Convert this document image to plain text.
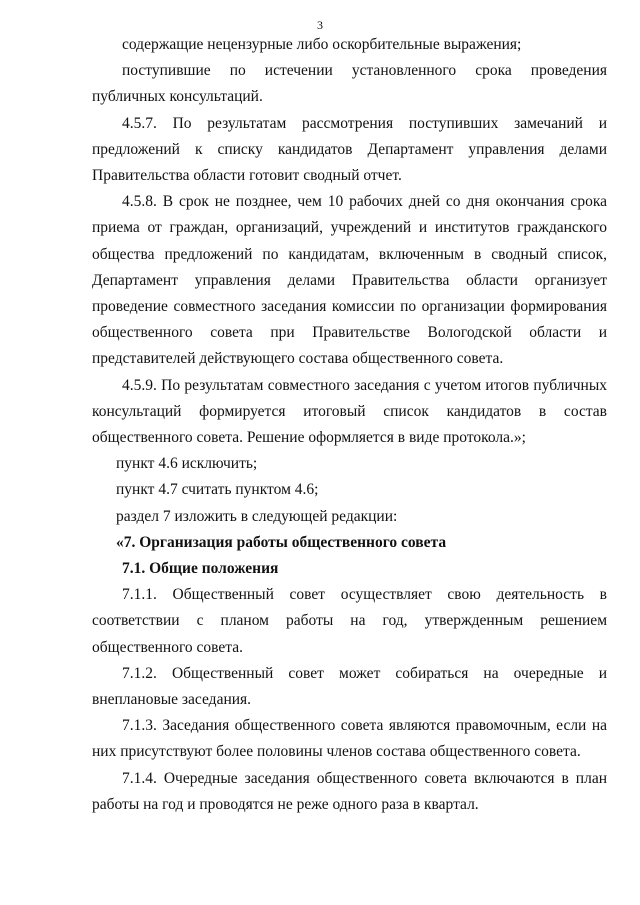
3

содержащие нецензурные либо оскорбительные выражения;

поступившие по истечении установленного срока проведения публичных консультаций.

4.5.7. По результатам рассмотрения поступивших замечаний и предложений к списку кандидатов Департамент управления делами Правительства области готовит сводный отчет.

4.5.8. В срок не позднее, чем 10 рабочих дней со дня окончания срока приема от граждан, организаций, учреждений и институтов гражданского общества предложений по кандидатам, включенным в сводный список, Департамент управления делами Правительства области организует проведение совместного заседания комиссии по организации формирования общественного совета при Правительстве Вологодской области и представителей действующего состава общественного совета.

4.5.9. По результатам совместного заседания с учетом итогов публичных консультаций формируется итоговый список кандидатов в состав общественного совета. Решение оформляется в виде протокола.»;

пункт 4.6 исключить;

пункт 4.7 считать пунктом 4.6;

раздел 7 изложить в следующей редакции:

«7. Организация работы общественного совета

7.1. Общие положения

7.1.1. Общественный совет осуществляет свою деятельность в соответствии с планом работы на год, утвержденным решением общественного совета.

7.1.2. Общественный совет может собираться на очередные и внеплановые заседания.

7.1.3. Заседания общественного совета являются правомочным, если на них присутствуют более половины членов состава общественного совета.

7.1.4. Очередные заседания общественного совета включаются в план работы на год и проводятся не реже одного раза в квартал.
